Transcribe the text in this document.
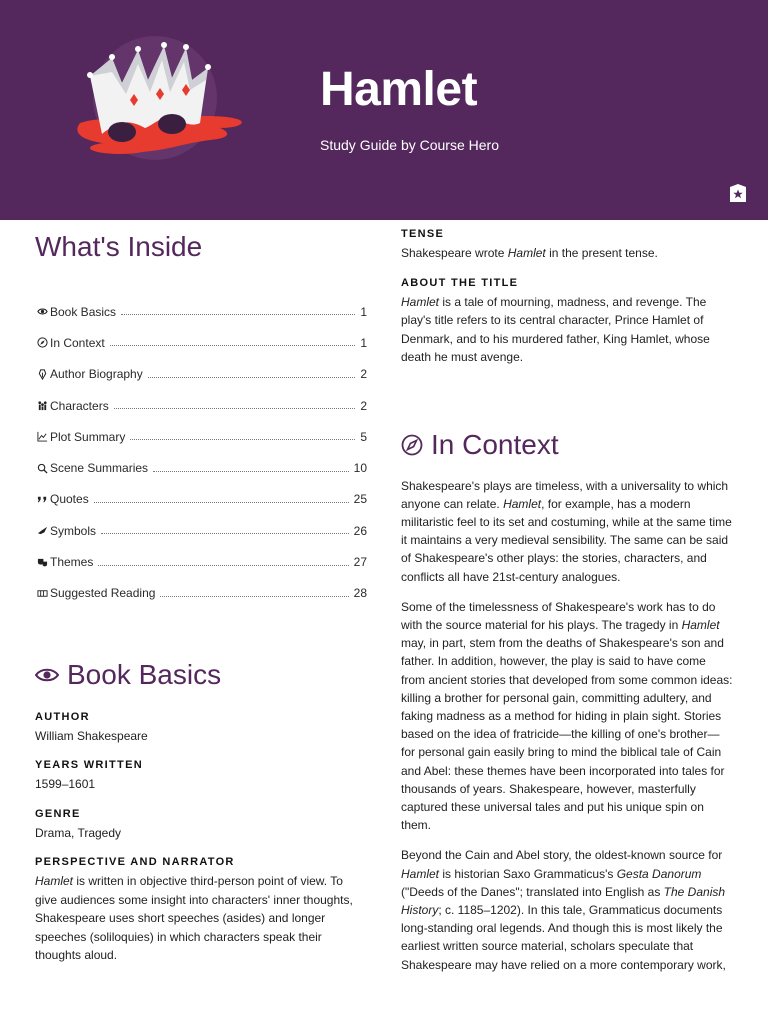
Hamlet
Study Guide by Course Hero
What's Inside
Book Basics	1
In Context	1
Author Biography	2
Characters	2
Plot Summary	5
Scene Summaries	10
Quotes	25
Symbols	26
Themes	27
Suggested Reading	28
Book Basics
AUTHOR
William Shakespeare
YEARS WRITTEN
1599–1601
GENRE
Drama, Tragedy
PERSPECTIVE AND NARRATOR
Hamlet is written in objective third-person point of view. To give audiences some insight into characters' inner thoughts, Shakespeare uses short speeches (asides) and longer speeches (soliloquies) in which characters speak their thoughts aloud.
TENSE
Shakespeare wrote Hamlet in the present tense.
ABOUT THE TITLE
Hamlet is a tale of mourning, madness, and revenge. The play's title refers to its central character, Prince Hamlet of Denmark, and to his murdered father, King Hamlet, whose death he must avenge.
In Context

Shakespeare's plays are timeless, with a universality to which anyone can relate. Hamlet, for example, has a modern militaristic feel to its set and costuming, while at the same time it maintains a very medieval sensibility. The same can be said of Shakespeare's other plays: the stories, characters, and conflicts all have 21st-century analogues.

Some of the timelessness of Shakespeare's work has to do with the source material for his plays. The tragedy in Hamlet may, in part, stem from the deaths of Shakespeare's son and father. In addition, however, the play is said to have come from ancient stories that developed from some common ideas: killing a brother for personal gain, committing adultery, and faking madness as a method for hiding in plain sight. Stories based on the idea of fratricide—the killing of one's brother—for personal gain easily bring to mind the biblical tale of Cain and Abel: these themes have been incorporated into tales for thousands of years. Shakespeare, however, masterfully captured these universal tales and put his unique spin on them.

Beyond the Cain and Abel story, the oldest-known source for Hamlet is historian Saxo Grammaticus's Gesta Danorum ("Deeds of the Danes"; translated into English as The Danish History; c. 1185–1202). In this tale, Grammaticus documents long-standing oral legends. And though this is most likely the earliest written source material, scholars speculate that Shakespeare may have relied on a more contemporary work,
